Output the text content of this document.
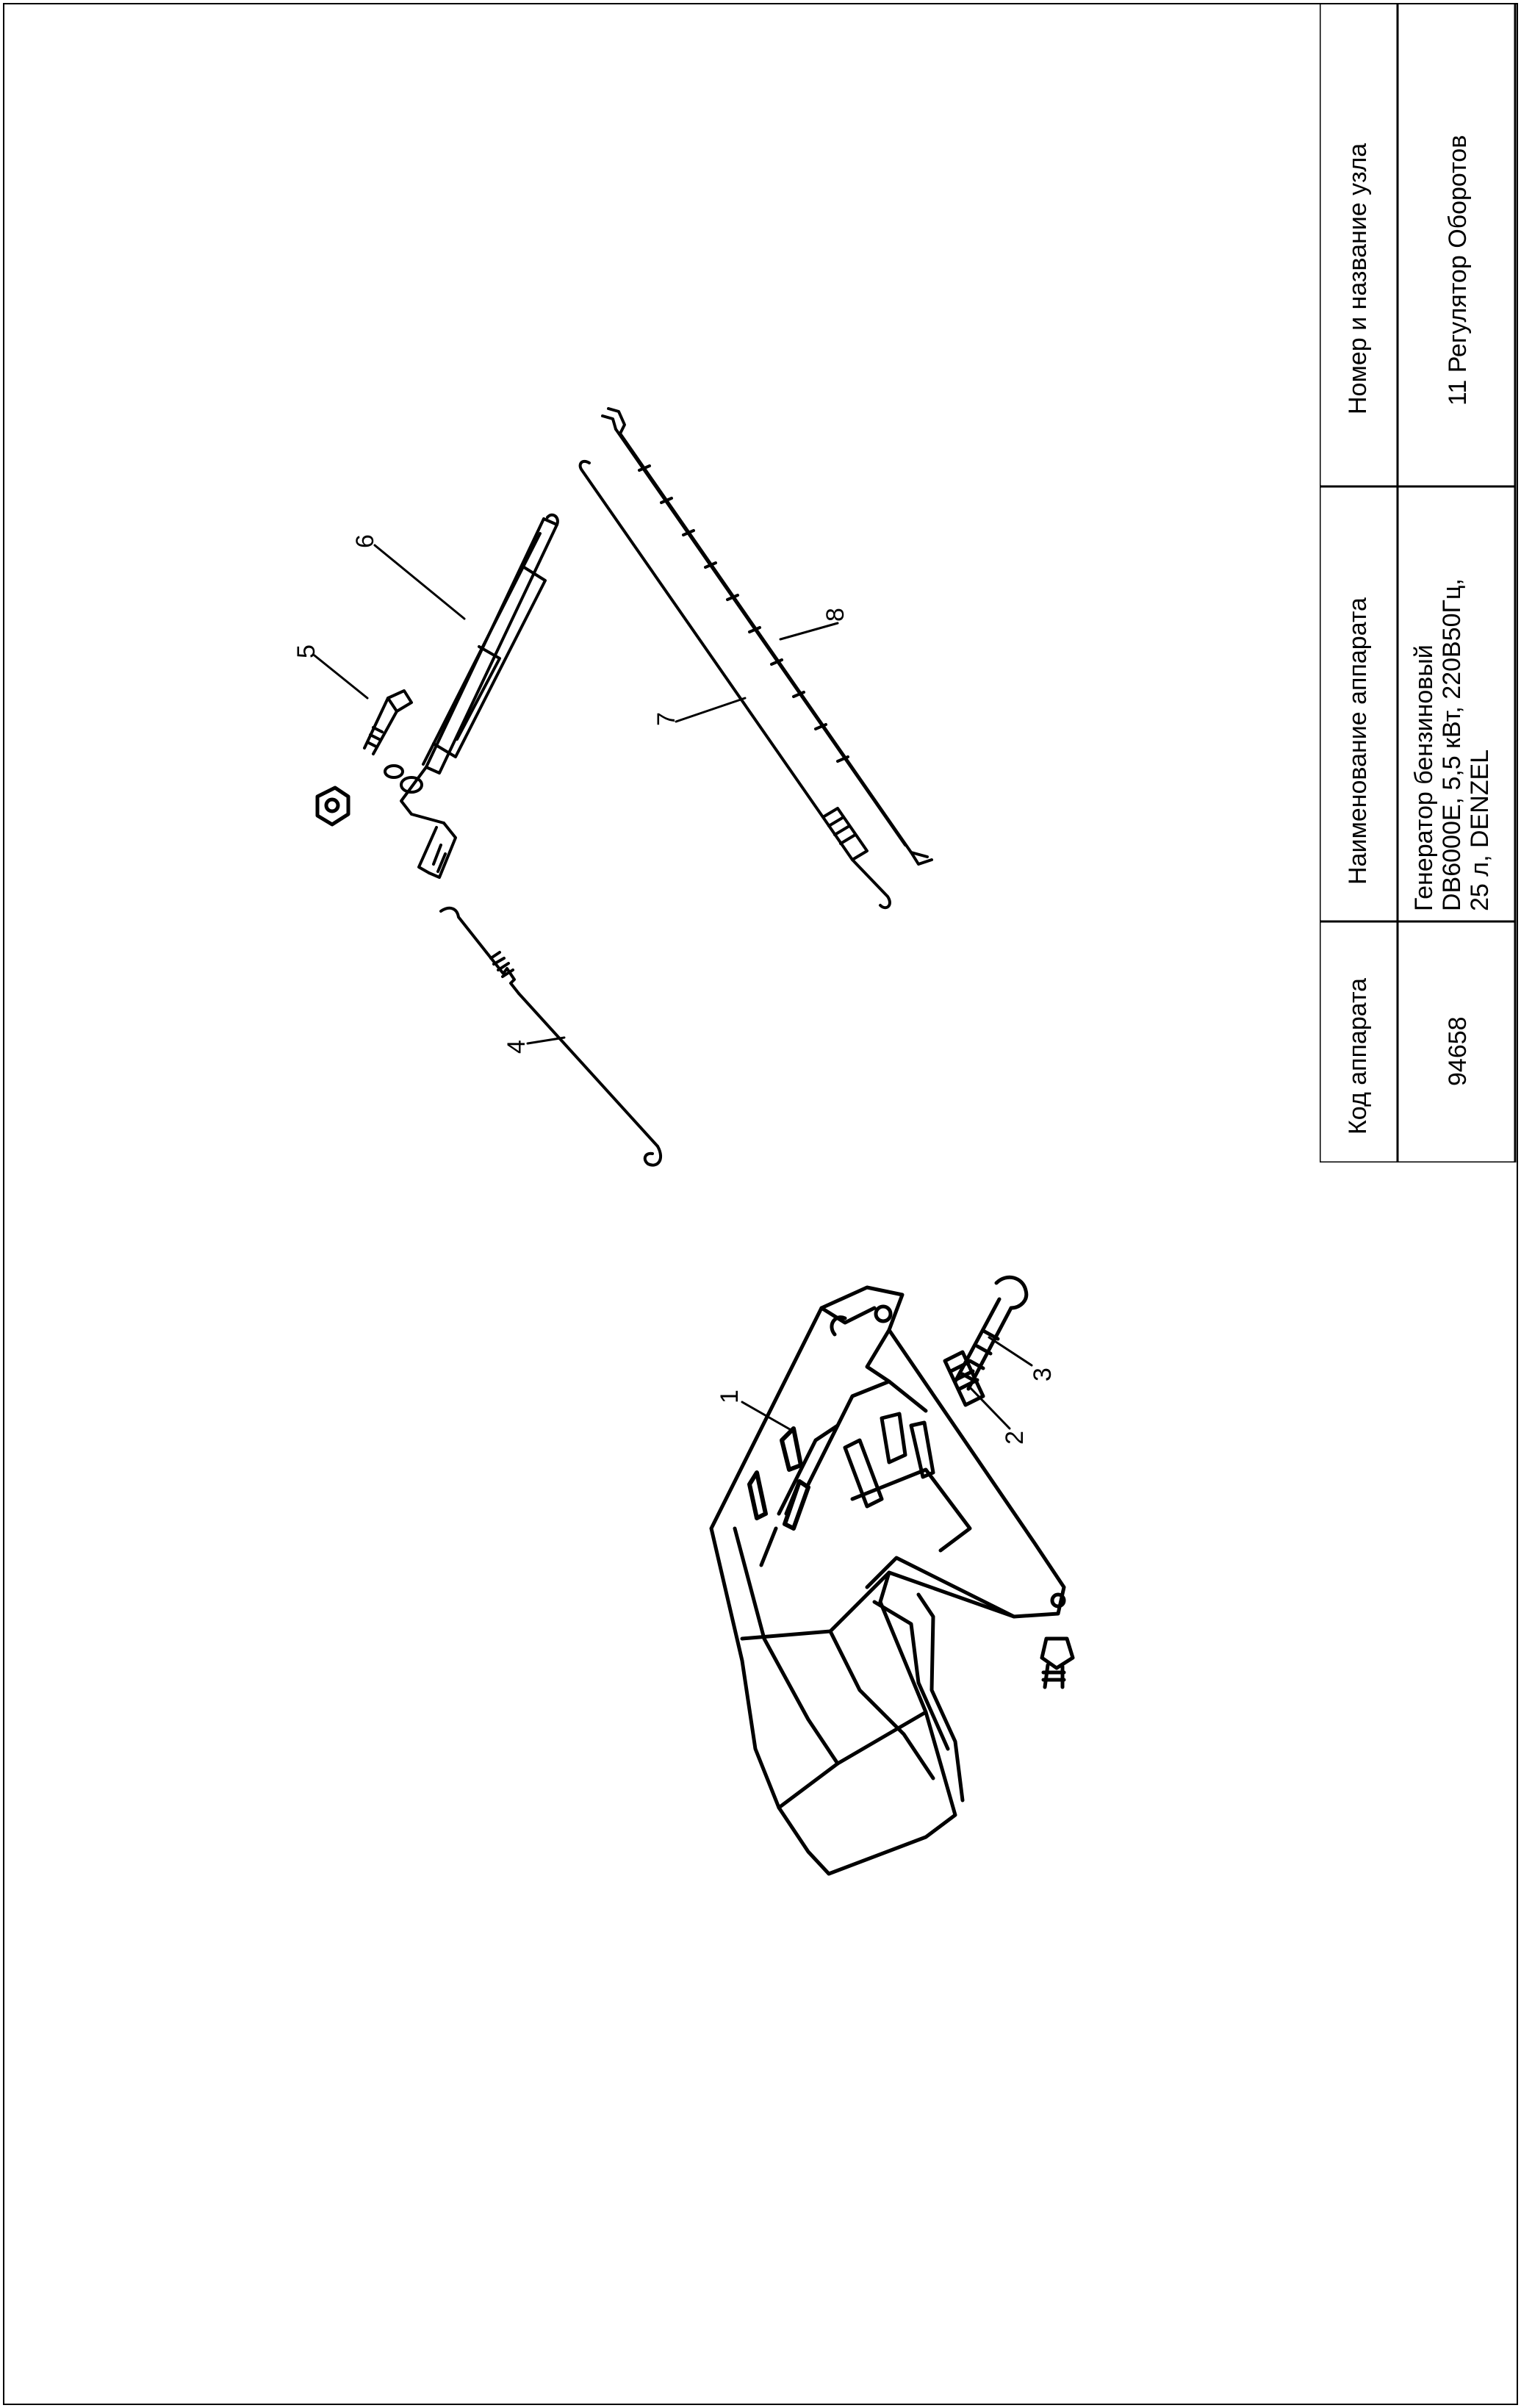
6
5
4
7
8
1
2
3
Номер и название узла
Наименование аппарата
Код аппарата
11 Регулятор Оборотов
Генератор бензиновый DB6000E, 5,5 кВт, 220В50Гц, 25 л, DENZEL
94658
